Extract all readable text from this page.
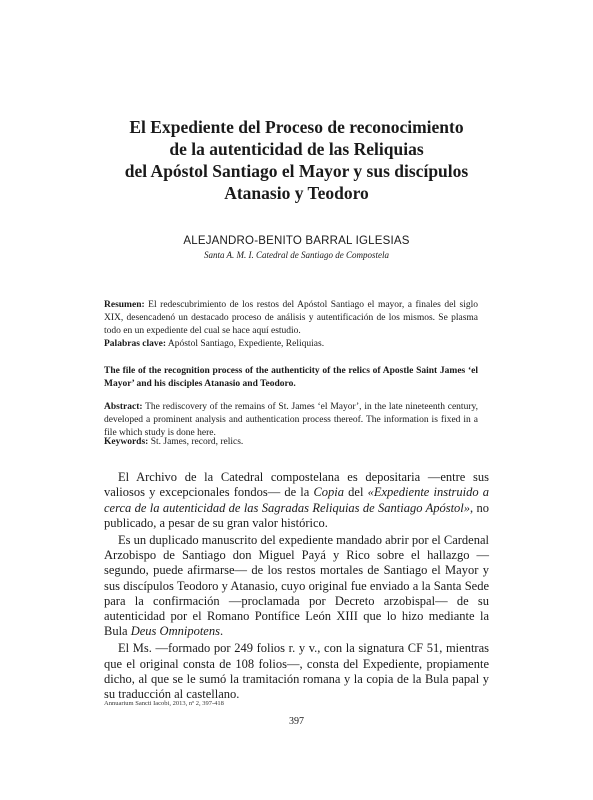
El Expediente del Proceso de reconocimiento
de la autenticidad de las Reliquias
del Apóstol Santiago el Mayor y sus discípulos
Atanasio y Teodoro
ALEJANDRO-BENITO BARRAL IGLESIAS
Santa A. M. I. Catedral de Santiago de Compostela
Resumen: El redescubrimiento de los restos del Apóstol Santiago el mayor, a finales del siglo XIX, desencadenó un destacado proceso de análisis y autentificación de los mismos. Se plasma todo en un expediente del cual se hace aquí estudio.
Palabras clave: Apóstol Santiago, Expediente, Reliquias.
The file of the recognition process of the authenticity of the relics of Apostle Saint James ‘el Mayor’ and his disciples Atanasio and Teodoro.
Abstract: The rediscovery of the remains of St. James ‘el Mayor’, in the late nineteenth century, developed a prominent analysis and authentication process thereof. The information is fixed in a file which study is done here.
Keywords: St. James, record, relics.

El Archivo de la Catedral compostelana es depositaria —entre sus valiosos y excepcionales fondos— de la Copia del «Expediente instruido a cerca de la autenticidad de las Sagradas Reliquias de Santiago Apóstol», no publicado, a pesar de su gran valor histórico.

Es un duplicado manuscrito del expediente mandado abrir por el Cardenal Arzobispo de Santiago don Miguel Payá y Rico sobre el hallazgo —segundo, puede afirmarse— de los restos mortales de Santiago el Mayor y sus discípulos Teodoro y Atanasio, cuyo original fue enviado a la Santa Sede para la confirmación —proclamada por Decreto arzobispal— de su autenticidad por el Romano Pontífice León XIII que lo hizo mediante la Bula Deus Omnipotens.

El Ms. —formado por 249 folios r. y v., con la signatura CF 51, mientras que el original consta de 108 folios—, consta del Expediente, propiamente dicho, al que se le sumó la tramitación romana y la copia de la Bula papal y su traducción al castellano.

Annuarium Sancti Iacobi, 2013, nº 2, 397-418
397
